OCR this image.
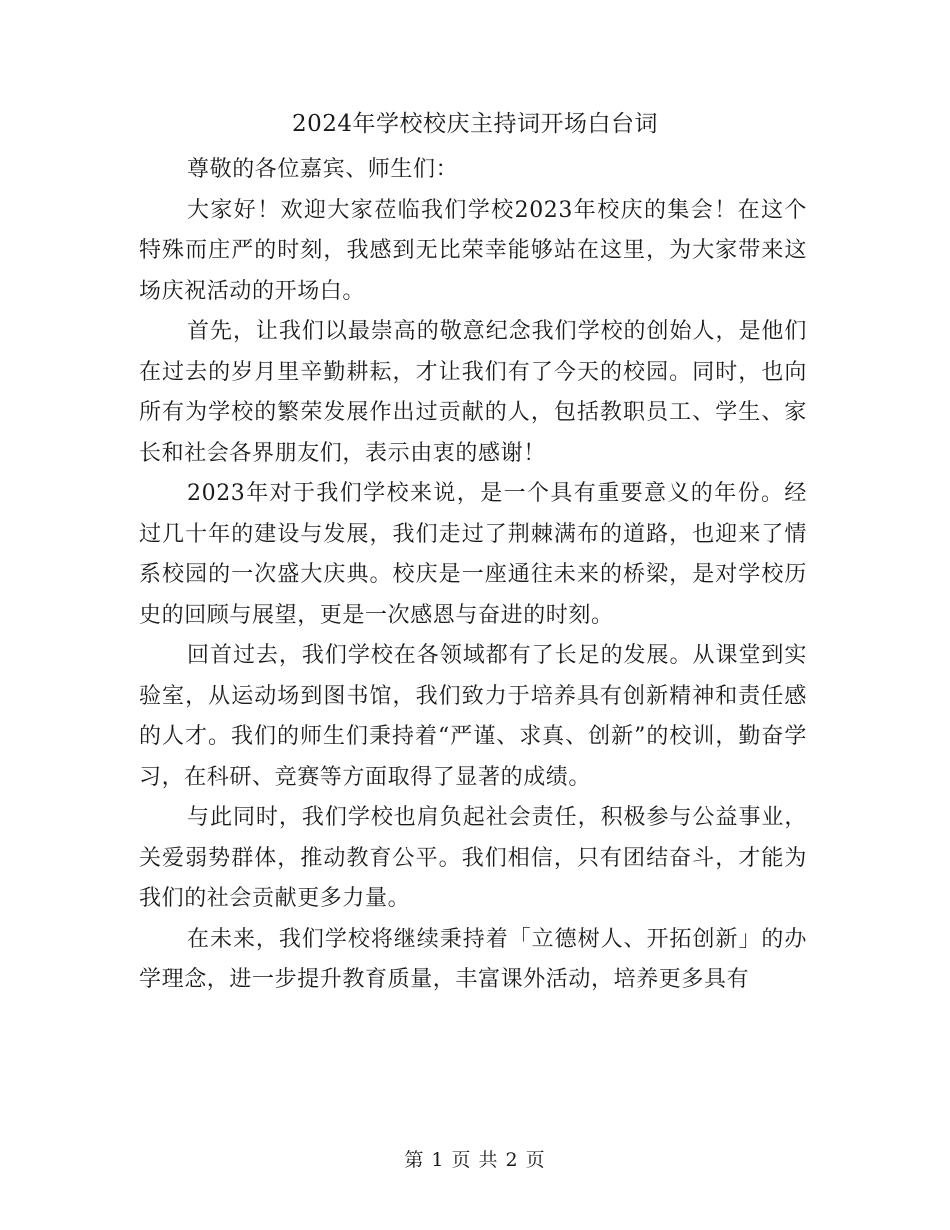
2024年学校校庆主持词开场白台词

尊敬的各位嘉宾、师生们：

大家好！欢迎大家莅临我们学校2023年校庆的集会！在这个特殊而庄严的时刻，我感到无比荣幸能够站在这里，为大家带来这场庆祝活动的开场白。

首先，让我们以最崇高的敬意纪念我们学校的创始人，是他们在过去的岁月里辛勤耕耘，才让我们有了今天的校园。同时，也向所有为学校的繁荣发展作出过贡献的人，包括教职员工、学生、家长和社会各界朋友们，表示由衷的感谢！

2023年对于我们学校来说，是一个具有重要意义的年份。经过几十年的建设与发展，我们走过了荆棘满布的道路，也迎来了情系校园的一次盛大庆典。校庆是一座通往未来的桥梁，是对学校历史的回顾与展望，更是一次感恩与奋进的时刻。

回首过去，我们学校在各领域都有了长足的发展。从课堂到实验室，从运动场到图书馆，我们致力于培养具有创新精神和责任感的人才。我们的师生们秉持着“严谨、求真、创新”的校训，勤奋学习，在科研、竞赛等方面取得了显著的成绩。

与此同时，我们学校也肩负起社会责任，积极参与公益事业，关爱弱势群体，推动教育公平。我们相信，只有团结奋斗，才能为我们的社会贡献更多力量。

在未来，我们学校将继续秉持着「立德树人、开拓创新」的办学理念，进一步提升教育质量，丰富课外活动，培养更多具有

第 1 页 共 2 页
